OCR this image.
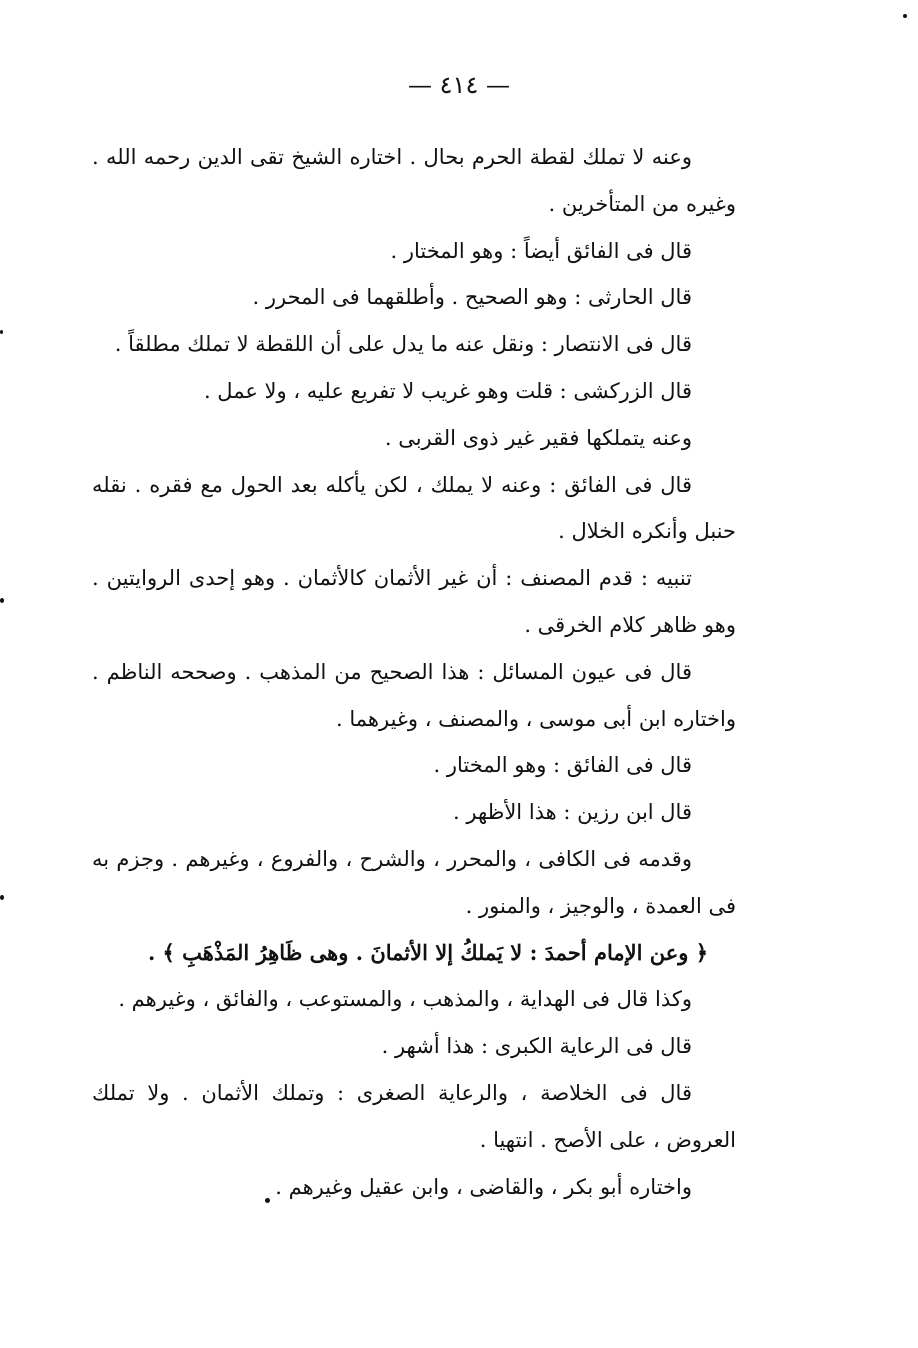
— ٤١٤ —

وعنه لا تملك لقطة الحرم بحال . اختاره الشيخ تقى الدين رحمه الله . وغيره من المتأخرين .

قال فى الفائق أيضاً : وهو المختار .

قال الحارثى : وهو الصحيح . وأطلقهما فى المحرر .

قال فى الانتصار : ونقل عنه ما يدل على أن اللقطة لا تملك مطلقاً .

قال الزركشى : قلت وهو غريب لا تفريع عليه ، ولا عمل .

وعنه يتملكها فقير غير ذوى القربى .

قال فى الفائق : وعنه لا يملك ، لكن يأكله بعد الحول مع فقره . نقله حنبل وأنكره الخلال .

تنبيه : قدم المصنف : أن غير الأثمان كالأثمان . وهو إحدى الروايتين . وهو ظاهر كلام الخرقى .

قال فى عيون المسائل : هذا الصحيح من المذهب . وصححه الناظم . واختاره ابن أبى موسى ، والمصنف ، وغيرهما .

قال فى الفائق : وهو المختار .

قال ابن رزين : هذا الأظهر .

وقدمه فى الكافى ، والمحرر ، والشرح ، والفروع ، وغيرهم . وجزم به فى العمدة ، والوجيز ، والمنور .

﴿ وعن الإمام أحمدَ : لا يَملكُ إلا الأثمانَ . وهى ظَاهِرُ المَذْهَبِ ﴾ .

وكذا قال فى الهداية ، والمذهب ، والمستوعب ، والفائق ، وغيرهم .

قال فى الرعاية الكبرى : هذا أشهر .

قال فى الخلاصة ، والرعاية الصغرى : وتملك الأثمان . ولا تملك العروض ، على الأصح . انتهيا .

واختاره أبو بكر ، والقاضى ، وابن عقيل وغيرهم .
